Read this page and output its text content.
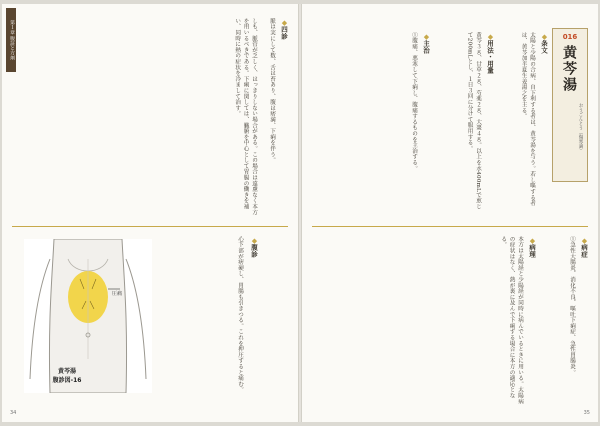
第１章 腹証と方剤	◆四診
脈は実にして数、舌は苔あり、腹は痞満、下痢を伴う。
しも、脈管が乏しく、はっきりしない場合がある。この場合は遠慮なく本方を用いるべきである。下痢に関しては、臓腑を中心として胃腸の働きを補い、同時に熱の症状を冷まして治す。
◆腹診
心下部が痞硬し、胃腸も引きつる。これを押圧すると痛む。
圧痛
黄芩湯
腹診図-16
34
016
黄芩湯
おうごんとう（傷寒論）
◆条文
太陽と少陽の合病、自下利する者は、黄芩湯を与う。若し嘔する者は、黄芩加半夏生姜湯之を主る。
◆用法・用量
黄芩３ｇ、甘草２ｇ、芍薬２ｇ、大棗４ｇ。以上を水400mLで煎じて200mLとし、１日３回に分けて服用する。
◆主治
①腹痛、悪寒して下痢し、腹痛するものを主治する。
◆病症
①急性大腸炎、消化不良、嘔吐下痢症、急性胃腸炎。
◆病理
本方は太陽経と少陽経が同時に病んでいるときに用いる。太陽病の症状はなく、熱が裏に及んで下痢する場合に本方の適応となる。
35
